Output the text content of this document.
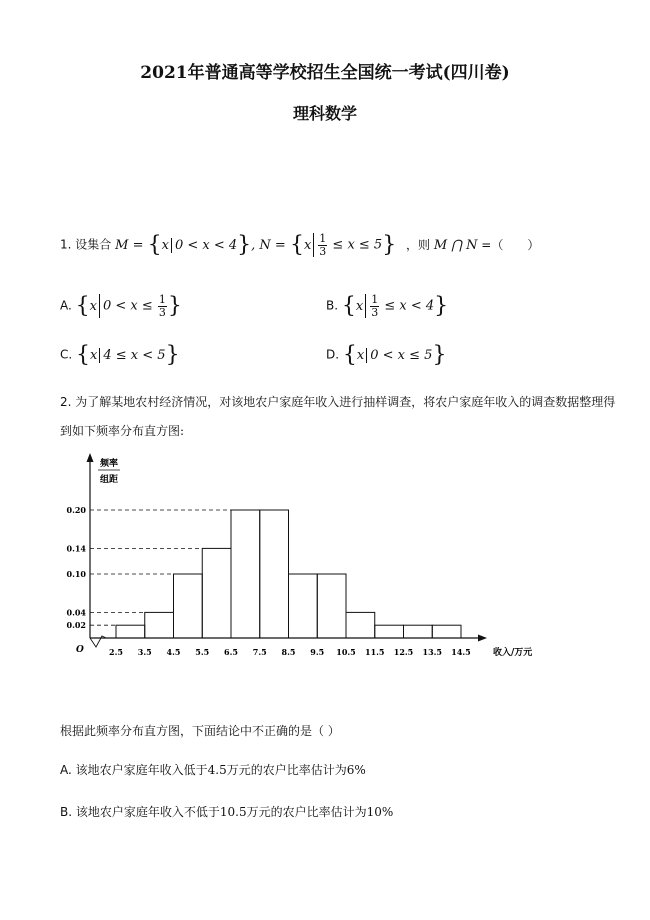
2021年普通高等学校招生全国统一考试(四川卷)
理科数学
1. 设集合 M = {x 0 < x < 4}, $N = \{x \frac{1}{3} \le x \le 5\}$ ，则 M ⋂ N =（　　）
A. {x $0 < x \le \frac{1}{3}$ }	B. $\{x \frac{1}{3} \le x < 4\}$
C. {x 4 ≤ x < 5}	D. {x 0 < x ≤ 5}
2. 为了解某地农村经济情况，对该地农户家庭年收入进行抽样调查，将农户家庭年收入的调查数据整理得
到如下频率分布直方图:
0.02
0.04
0.10
0.14
0.20
2.5 3.5 4.5 5.5 6.5 7.5 8.5 9.5 10.5 11.5 12.5 13.5 14.5
O
频率
组距
收入/万元
根据此频率分布直方图，下面结论中不正确的是（ ）
A. 该地农户家庭年收入低于4.5万元的农户比率估计为6%
B. 该地农户家庭年收入不低于10.5万元的农户比率估计为10%
